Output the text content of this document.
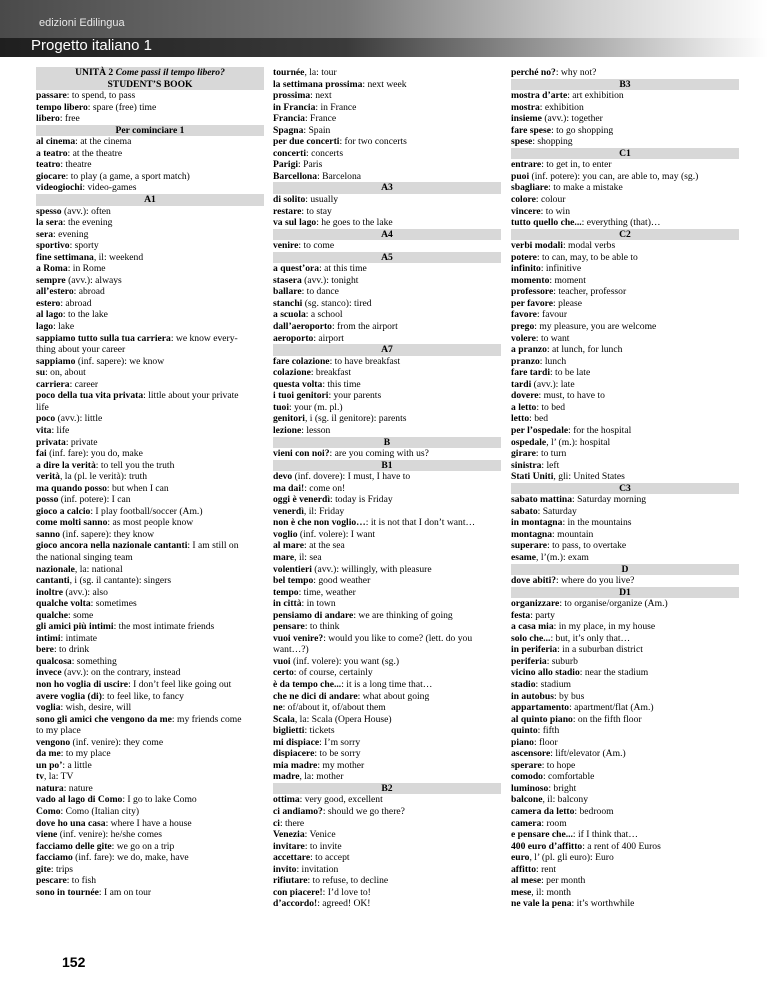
edizioni Edilingua
Progetto italiano 1
UNITÀ 2 Come passi il tempo libero?
STUDENT’S BOOK
passare: to spend, to pass
tempo libero: spare (free) time
libero: free
Per cominciare 1
al cinema: at the cinema
a teatro: at the theatre
teatro: theatre
giocare: to play (a game, a sport match)
videogiochi: video-games
A1
spesso (avv.): often
la sera: the evening
sera: evening
sportivo: sporty
fine settimana, il: weekend
a Roma: in Rome
sempre (avv.): always
all’estero: abroad
estero: abroad
al lago: to the lake
lago: lake
sappiamo tutto sulla tua carriera: we know every-
thing about your career
sappiamo (inf. sapere): we know
su: on, about
carriera: career
poco della tua vita privata: little about your private
life
poco (avv.): little
vita: life
privata: private
fai (inf. fare): you do, make
a dire la verità: to tell you the truth
verità, la (pl. le verità): truth
ma quando posso: but when I can
posso (inf. potere): I can
gioco a calcio: I play football/soccer (Am.)
come molti sanno: as most people know
sanno (inf. sapere): they know
gioco ancora nella nazionale cantanti: I am still on
the national singing team
nazionale, la: national
cantanti, i (sg. il cantante): singers
inoltre (avv.): also
qualche volta: sometimes
qualche: some
gli amici più intimi: the most intimate friends
intimi: intimate
bere: to drink
qualcosa: something
invece (avv.): on the contrary, instead
non ho voglia di uscire: I don’t feel like going out
avere voglia (di): to feel like, to fancy
voglia: wish, desire, will
sono gli amici che vengono da me: my friends come
to my place
vengono (inf. venire): they come
da me: to my place
un po’: a little
tv, la: TV
natura: nature
vado al lago di Como: I go to lake Como
Como: Como (Italian city)
dove ho una casa: where I have a house
viene (inf. venire): he/she comes
facciamo delle gite: we go on a trip
facciamo (inf. fare): we do, make, have
gite: trips
pescare: to fish
sono in tournée: I am on tour
tournée, la: tour
la settimana prossima: next week
prossima: next
in Francia: in France
Francia: France
Spagna: Spain
per due concerti: for two concerts
concerti: concerts
Parigi: Paris
Barcellona: Barcelona
A3
di solito: usually
restare: to stay
va sul lago: he goes to the lake
A4
venire: to come
A5
a quest’ora: at this time
stasera (avv.): tonight
ballare: to dance
stanchi (sg. stanco): tired
a scuola: a school
dall’aeroporto: from the airport
aeroporto: airport
A7
fare colazione: to have breakfast
colazione: breakfast
questa volta: this time
i tuoi genitori: your parents
tuoi: your (m. pl.)
genitori, i (sg. il genitore): parents
lezione: lesson
B
vieni con noi?: are you coming with us?
B1
devo (inf. dovere): I must, I have to
ma dai!: come on!
oggi è venerdì: today is Friday
venerdì, il: Friday
non è che non voglio…: it is not that I don’t want…
voglio (inf. volere): I want
al mare: at the sea
mare, il: sea
volentieri (avv.): willingly, with pleasure
bel tempo: good weather
tempo: time, weather
in città: in town
pensiamo di andare: we are thinking of going
pensare: to think
vuoi venire?: would you like to come? (lett. do you
want…?)
vuoi (inf. volere): you want (sg.)
certo: of course, certainly
è da tempo che...: it is a long time that…
che ne dici di andare: what about going
ne: of/about it, of/about them
Scala, la: Scala (Opera House)
biglietti: tickets
mi dispiace: I’m sorry
dispiacere: to be sorry
mia madre: my mother
madre, la: mother
B2
ottima: very good, excellent
ci andiamo?: should we go there?
ci: there
Venezia: Venice
invitare: to invite
accettare: to accept
invito: invitation
rifiutare: to refuse, to decline
con piacere!: I’d love to!
d’accordo!: agreed! OK!
perché no?: why not?
B3
mostra d’arte: art exhibition
mostra: exhibition
insieme (avv.): together
fare spese: to go shopping
spese: shopping
C1
entrare: to get in, to enter
puoi (inf. potere): you can, are able to, may (sg.)
sbagliare: to make a mistake
colore: colour
vincere: to win
tutto quello che...: everything (that)…
C2
verbi modali: modal verbs
potere: to can, may, to be able to
infinito: infinitive
momento: moment
professore: teacher, professor
per favore: please
favore: favour
prego: my pleasure, you are welcome
volere: to want
a pranzo: at lunch, for lunch
pranzo: lunch
fare tardi: to be late
tardi (avv.): late
dovere: must, to have to
a letto: to bed
letto: bed
per l’ospedale: for the hospital
ospedale, l’ (m.): hospital
girare: to turn
sinistra: left
Stati Uniti, gli: United States
C3
sabato mattina: Saturday morning
sabato: Saturday
in montagna: in the mountains
montagna: mountain
superare: to pass, to overtake
esame, l’(m.): exam
D
dove abiti?: where do you live?
D1
organizzare: to organise/organize (Am.)
festa: party
a casa mia: in my place, in my house
solo che...: but, it’s only that…
in periferia: in a suburban district
periferia: suburb
vicino allo stadio: near the stadium
stadio: stadium
in autobus: by bus
appartamento: apartment/flat (Am.)
al quinto piano: on the fifth floor
quinto: fifth
piano: floor
ascensore: lift/elevator (Am.)
sperare: to hope
comodo: comfortable
luminoso: bright
balcone, il: balcony
camera da letto: bedroom
camera: room
e pensare che...: if I think that…
400 euro d’affitto: a rent of 400 Euros
euro, l’ (pl. gli euro): Euro
affitto: rent
al mese: per month
mese, il: month
ne vale la pena: it’s worthwhile
152
